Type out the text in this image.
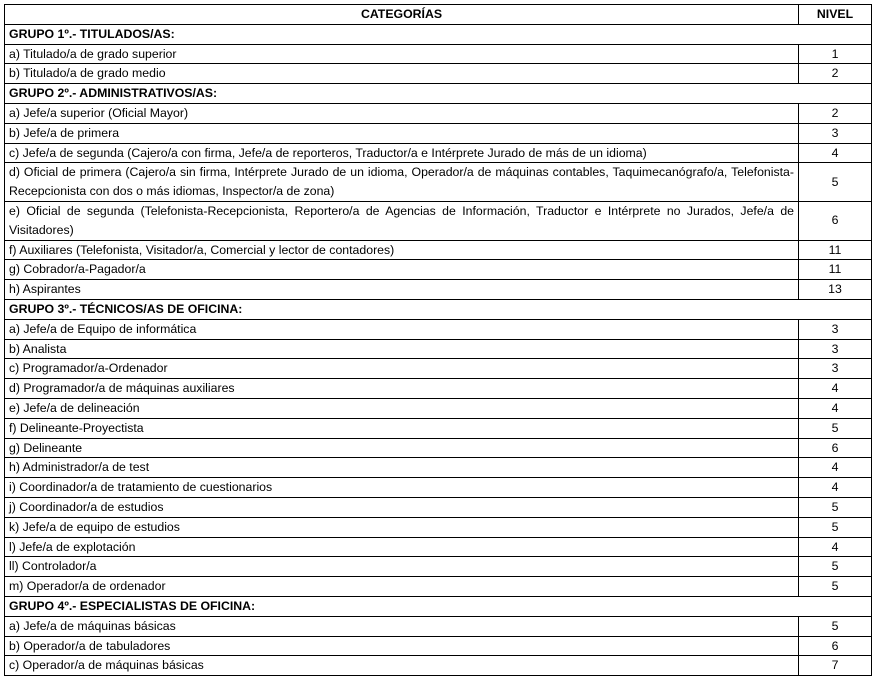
CATEGORÍAS	NIVEL
GRUPO 1º.- TITULADOS/AS:	
a) Titulado/a de grado superior	1
b) Titulado/a de grado medio	2
GRUPO 2º.- ADMINISTRATIVOS/AS:	
a) Jefe/a superior (Oficial Mayor)	2
b) Jefe/a de primera	3
c) Jefe/a de segunda (Cajero/a con firma, Jefe/a de reporteros, Traductor/a e Intérprete Jurado de más de un idioma)	4
d) Oficial de primera (Cajero/a sin firma, Intérprete Jurado de un idioma, Operador/a de máquinas contables, Taquimecanógrafo/a, Telefonista-Recepcionista con dos o más idiomas, Inspector/a de zona)	5
e) Oficial de segunda (Telefonista-Recepcionista, Reportero/a de Agencias de Información, Traductor e Intérprete no Jurados, Jefe/a de Visitadores)	6
f) Auxiliares (Telefonista, Visitador/a, Comercial y lector de contadores)	11
g) Cobrador/a-Pagador/a	11
h) Aspirantes	13
GRUPO 3º.- TÉCNICOS/AS DE OFICINA:	
a) Jefe/a de Equipo de informática	3
b) Analista	3
c) Programador/a-Ordenador	3
d) Programador/a de máquinas auxiliares	4
e) Jefe/a de delineación	4
f) Delineante-Proyectista	5
g) Delineante	6
h) Administrador/a de test	4
i) Coordinador/a de tratamiento de cuestionarios	4
j) Coordinador/a de estudios	5
k) Jefe/a de equipo de estudios	5
l) Jefe/a de explotación	4
ll) Controlador/a	5
m) Operador/a de ordenador	5
GRUPO 4º.- ESPECIALISTAS DE OFICINA:	
a) Jefe/a de máquinas básicas	5
b) Operador/a de tabuladores	6
c) Operador/a de máquinas básicas	7
